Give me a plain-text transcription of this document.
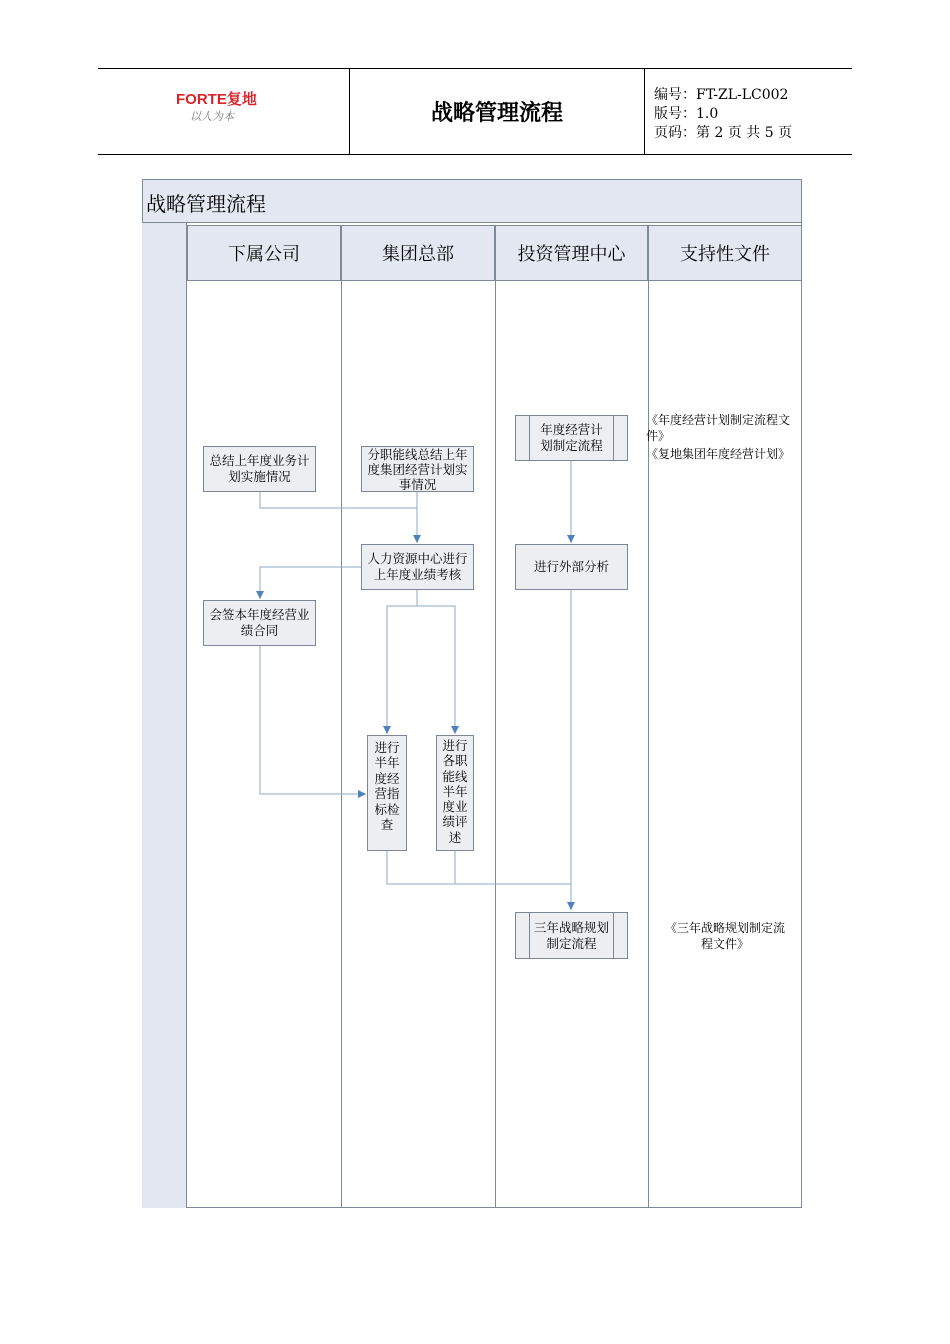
FORTE复地
以人为本	战略管理流程
编号：FT-ZL-LC002
版号：1.0
页码：第 2 页 共 5 页
战略管理流程
下属公司	集团总部	投资管理中心	支持性文件
年度经营计划制定流程
总结上年度业务计划实施情况
分职能线总结上年度集团经营计划实事情况
人力资源中心进行上年度业绩考核
进行外部分析
会签本年度经营业绩合同
进行半年度经营指标检查
进行各职能线半年度业绩评述
三年战略规划制定流程
《年度经营计划制定流程文件》
《复地集团年度经营计划》
《三年战略规划制定流程文件》
